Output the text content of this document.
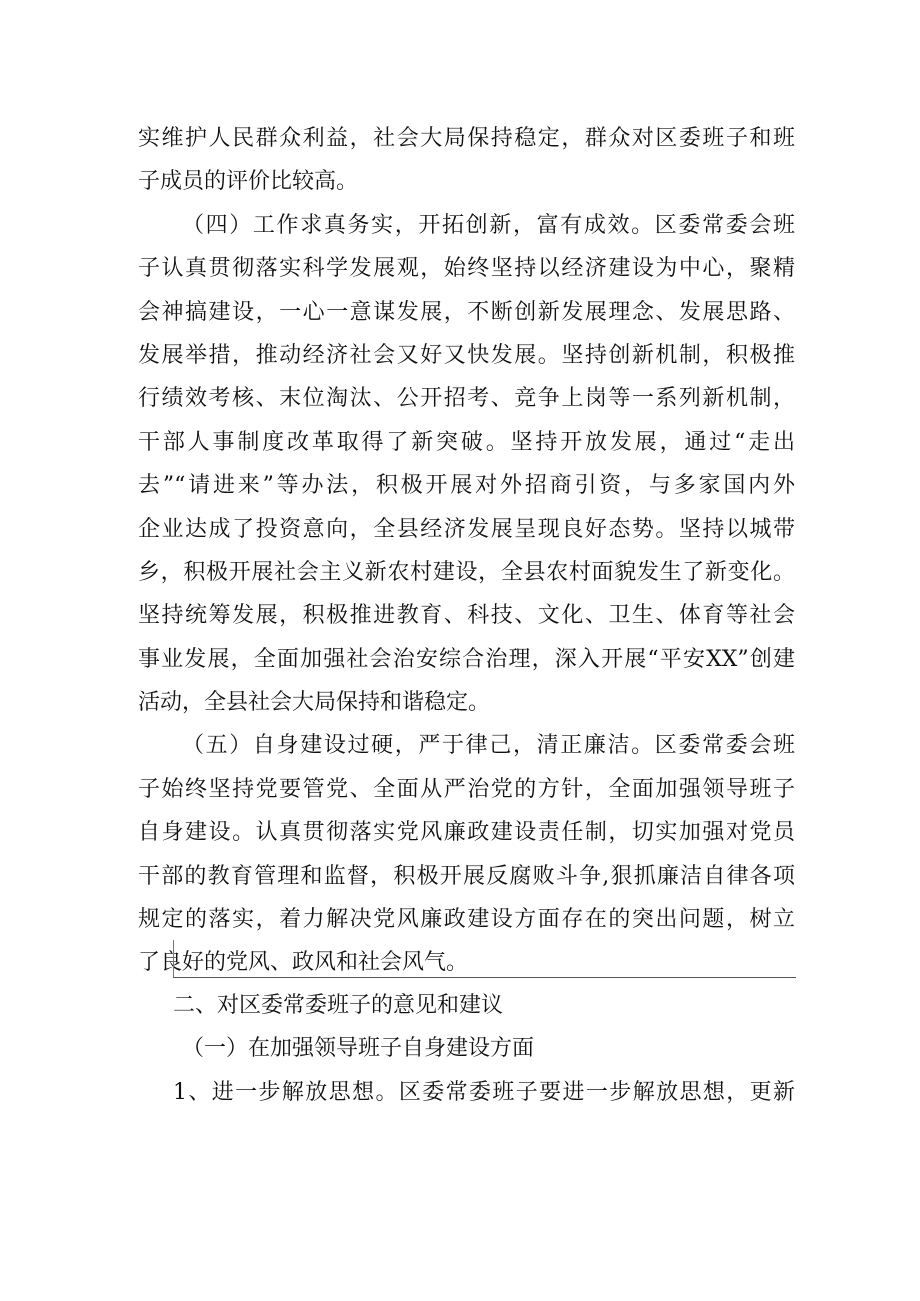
实维护人民群众利益，社会大局保持稳定，群众对区委班子和班
子成员的评价比较高。
（四）工作求真务实，开拓创新，富有成效。区委常委会班
子认真贯彻落实科学发展观，始终坚持以经济建设为中心，聚精
会神搞建设，一心一意谋发展，不断创新发展理念、发展思路、
发展举措，推动经济社会又好又快发展。坚持创新机制，积极推
行绩效考核、末位淘汰、公开招考、竞争上岗等一系列新机制，
干部人事制度改革取得了新突破。坚持开放发展，通过“走出
去”“请进来”等办法，积极开展对外招商引资，与多家国内外
企业达成了投资意向，全县经济发展呈现良好态势。坚持以城带
乡，积极开展社会主义新农村建设，全县农村面貌发生了新变化。
坚持统筹发展，积极推进教育、科技、文化、卫生、体育等社会
事业发展，全面加强社会治安综合治理，深入开展“平安XX”创建
活动，全县社会大局保持和谐稳定。
（五）自身建设过硬，严于律己，清正廉洁。区委常委会班
子始终坚持党要管党、全面从严治党的方针，全面加强领导班子
自身建设。认真贯彻落实党风廉政建设责任制，切实加强对党员
干部的教育管理和监督，积极开展反腐败斗争,狠抓廉洁自律各项
规定的落实，着力解决党风廉政建设方面存在的突出问题，树立
了良好的党风、政风和社会风气。
二、对区委常委班子的意见和建议
（一）在加强领导班子自身建设方面
1、进一步解放思想。区委常委班子要进一步解放思想，更新
